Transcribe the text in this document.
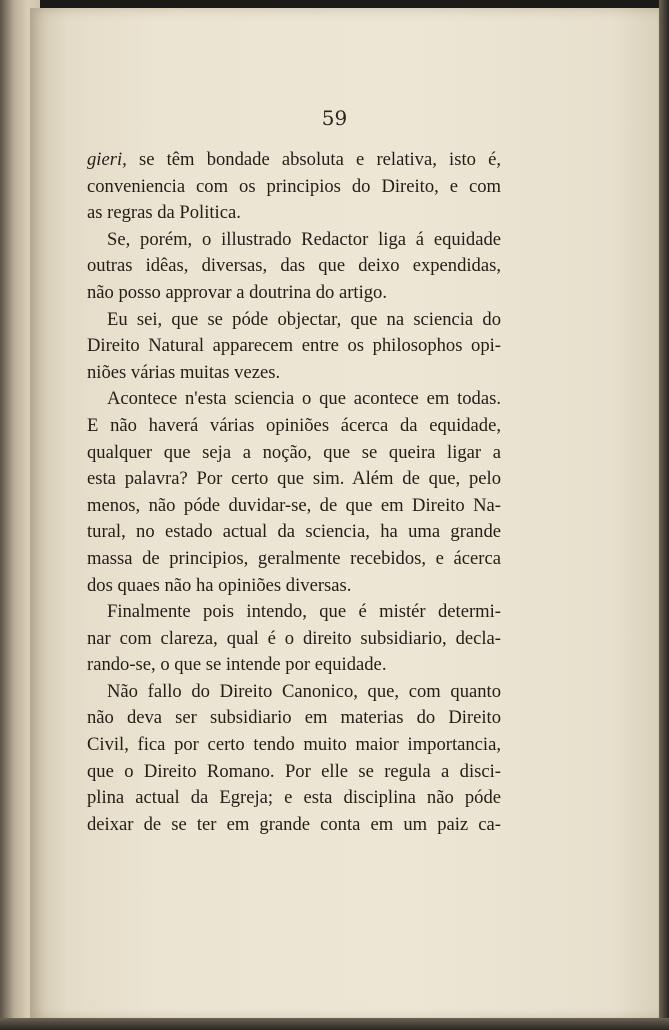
59

gieri, se têm bondade absoluta e relativa, isto é,
conveniencia com os principios do Direito, e com
as regras da Politica.

Se, porém, o illustrado Redactor liga á equidade
outras idêas, diversas, das que deixo expendidas,
não posso approvar a doutrina do artigo.

Eu sei, que se póde objectar, que na sciencia do
Direito Natural apparecem entre os philosophos opi-
niões várias muitas vezes.

Acontece n'esta sciencia o que acontece em todas.
E não haverá várias opiniões ácerca da equidade,
qualquer que seja a noção, que se queira ligar a
esta palavra? Por certo que sim. Além de que, pelo
menos, não póde duvidar-se, de que em Direito Na-
tural, no estado actual da sciencia, ha uma grande
massa de principios, geralmente recebidos, e ácerca
dos quaes não ha opiniões diversas.

Finalmente pois intendo, que é mistér determi-
nar com clareza, qual é o direito subsidiario, decla-
rando-se, o que se intende por equidade.

Não fallo do Direito Canonico, que, com quanto
não deva ser subsidiario em materias do Direito
Civil, fica por certo tendo muito maior importancia,
que o Direito Romano. Por elle se regula a disci-
plina actual da Egreja; e esta disciplina não póde
deixar de se ter em grande conta em um paiz ca-
